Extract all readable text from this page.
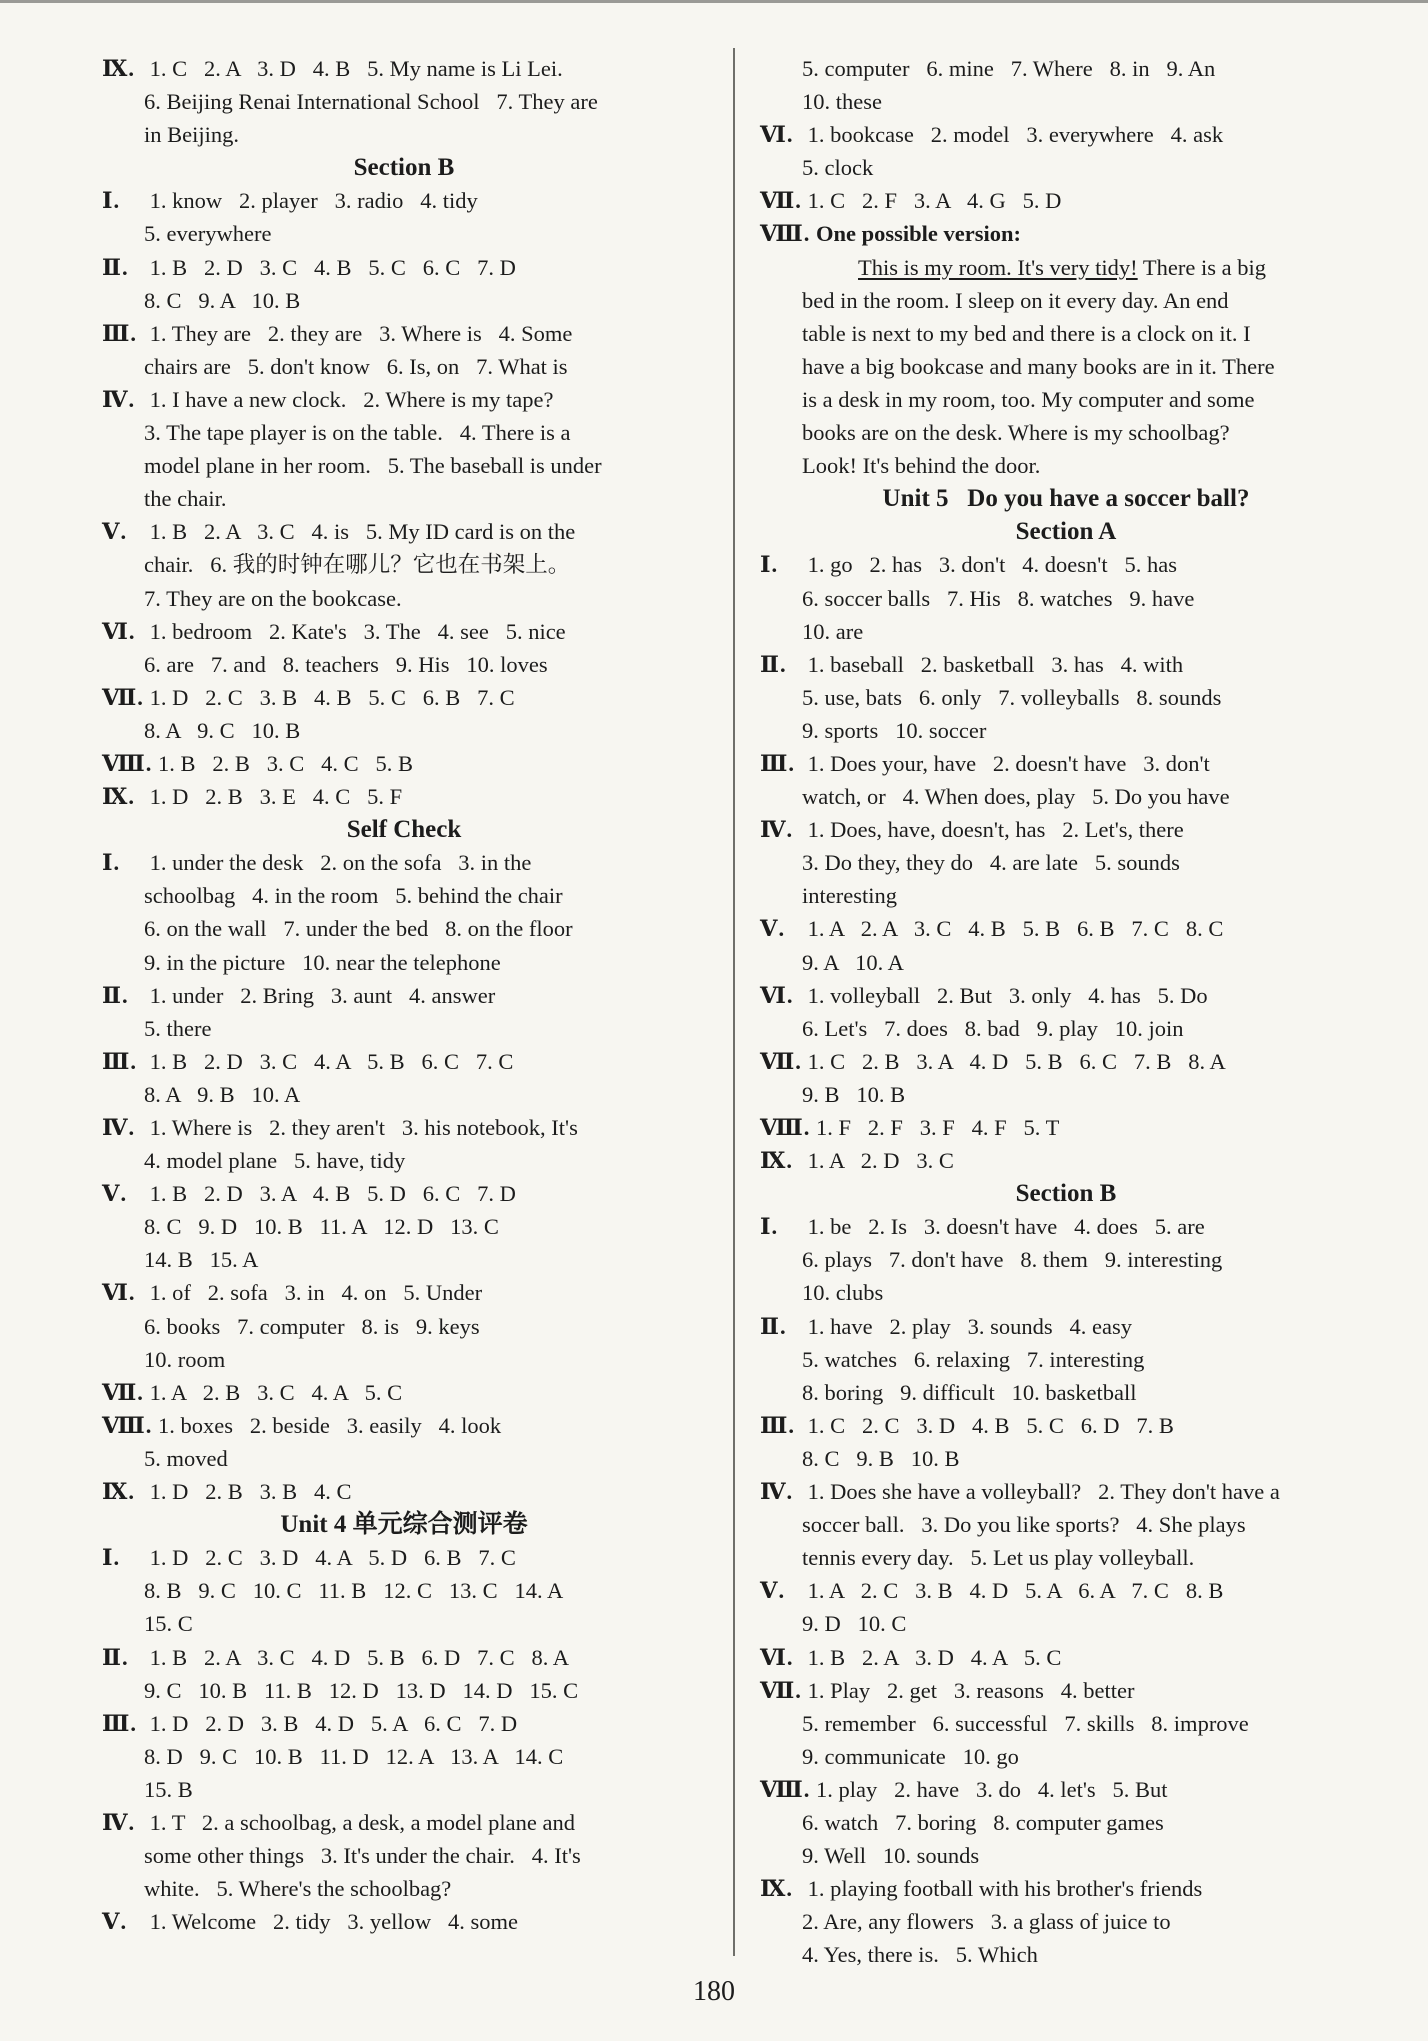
Ⅸ. 1. C   2. A   3. D   4. B   5. My name is Li Lei.
6. Beijing Renai International School   7. They are
in Beijing.
Section B
Ⅰ. 1. know   2. player   3. radio   4. tidy
5. everywhere
Ⅱ. 1. B   2. D   3. C   4. B   5. C   6. C   7. D
8. C   9. A   10. B
Ⅲ. 1. They are   2. they are   3. Where is   4. Some
chairs are   5. don't know   6. Is, on   7. What is
Ⅳ. 1. I have a new clock.   2. Where is my tape?
3. The tape player is on the table.   4. There is a
model plane in her room.   5. The baseball is under
the chair.
Ⅴ. 1. B   2. A   3. C   4. is   5. My ID card is on the
chair.   6. 我的时钟在哪儿？它也在书架上。
7. They are on the bookcase.
Ⅵ. 1. bedroom   2. Kate's   3. The   4. see   5. nice
6. are   7. and   8. teachers   9. His   10. loves
Ⅶ. 1. D   2. C   3. B   4. B   5. C   6. B   7. C
8. A   9. C   10. B
Ⅷ. 1. B   2. B   3. C   4. C   5. B
Ⅸ. 1. D   2. B   3. E   4. C   5. F
Self Check
Ⅰ. 1. under the desk   2. on the sofa   3. in the
schoolbag   4. in the room   5. behind the chair
6. on the wall   7. under the bed   8. on the floor
9. in the picture   10. near the telephone
Ⅱ. 1. under   2. Bring   3. aunt   4. answer
5. there
Ⅲ. 1. B   2. D   3. C   4. A   5. B   6. C   7. C
8. A   9. B   10. A
Ⅳ. 1. Where is   2. they aren't   3. his notebook, It's
4. model plane   5. have, tidy
Ⅴ. 1. B   2. D   3. A   4. B   5. D   6. C   7. D
8. C   9. D   10. B   11. A   12. D   13. C
14. B   15. A
Ⅵ. 1. of   2. sofa   3. in   4. on   5. Under
6. books   7. computer   8. is   9. keys
10. room
Ⅶ. 1. A   2. B   3. C   4. A   5. C
Ⅷ. 1. boxes   2. beside   3. easily   4. look
5. moved
Ⅸ. 1. D   2. B   3. B   4. C
Unit 4 单元综合测评卷
Ⅰ. 1. D   2. C   3. D   4. A   5. D   6. B   7. C
8. B   9. C   10. C   11. B   12. C   13. C   14. A
15. C
Ⅱ. 1. B   2. A   3. C   4. D   5. B   6. D   7. C   8. A
9. C   10. B   11. B   12. D   13. D   14. D   15. C
Ⅲ. 1. D   2. D   3. B   4. D   5. A   6. C   7. D
8. D   9. C   10. B   11. D   12. A   13. A   14. C
15. B
Ⅳ. 1. T   2. a schoolbag, a desk, a model plane and
some other things   3. It's under the chair.   4. It's
white.   5. Where's the schoolbag?
Ⅴ. 1. Welcome   2. tidy   3. yellow   4. some
5. computer   6. mine   7. Where   8. in   9. An
10. these
Ⅵ. 1. bookcase   2. model   3. everywhere   4. ask
5. clock
Ⅶ. 1. C   2. F   3. A   4. G   5. D
Ⅷ. One possible version:
This is my room. It's very tidy! There is a big
bed in the room. I sleep on it every day. An end
table is next to my bed and there is a clock on it. I
have a big bookcase and many books are in it. There
is a desk in my room, too. My computer and some
books are on the desk. Where is my schoolbag?
Look! It's behind the door.
Unit 5   Do you have a soccer ball?
Section A
Ⅰ. 1. go   2. has   3. don't   4. doesn't   5. has
6. soccer balls   7. His   8. watches   9. have
10. are
Ⅱ. 1. baseball   2. basketball   3. has   4. with
5. use, bats   6. only   7. volleyballs   8. sounds
9. sports   10. soccer
Ⅲ. 1. Does your, have   2. doesn't have   3. don't
watch, or   4. When does, play   5. Do you have
Ⅳ. 1. Does, have, doesn't, has   2. Let's, there
3. Do they, they do   4. are late   5. sounds
interesting
Ⅴ. 1. A   2. A   3. C   4. B   5. B   6. B   7. C   8. C
9. A   10. A
Ⅵ. 1. volleyball   2. But   3. only   4. has   5. Do
6. Let's   7. does   8. bad   9. play   10. join
Ⅶ. 1. C   2. B   3. A   4. D   5. B   6. C   7. B   8. A
9. B   10. B
Ⅷ. 1. F   2. F   3. F   4. F   5. T
Ⅸ. 1. A   2. D   3. C
Section B
Ⅰ. 1. be   2. Is   3. doesn't have   4. does   5. are
6. plays   7. don't have   8. them   9. interesting
10. clubs
Ⅱ. 1. have   2. play   3. sounds   4. easy
5. watches   6. relaxing   7. interesting
8. boring   9. difficult   10. basketball
Ⅲ. 1. C   2. C   3. D   4. B   5. C   6. D   7. B
8. C   9. B   10. B
Ⅳ. 1. Does she have a volleyball?   2. They don't have a
soccer ball.   3. Do you like sports?   4. She plays
tennis every day.   5. Let us play volleyball.
Ⅴ. 1. A   2. C   3. B   4. D   5. A   6. A   7. C   8. B
9. D   10. C
Ⅵ. 1. B   2. A   3. D   4. A   5. C
Ⅶ. 1. Play   2. get   3. reasons   4. better
5. remember   6. successful   7. skills   8. improve
9. communicate   10. go
Ⅷ. 1. play   2. have   3. do   4. let's   5. But
6. watch   7. boring   8. computer games
9. Well   10. sounds
Ⅸ. 1. playing football with his brother's friends
2. Are, any flowers   3. a glass of juice to
4. Yes, there is.   5. Which
180
